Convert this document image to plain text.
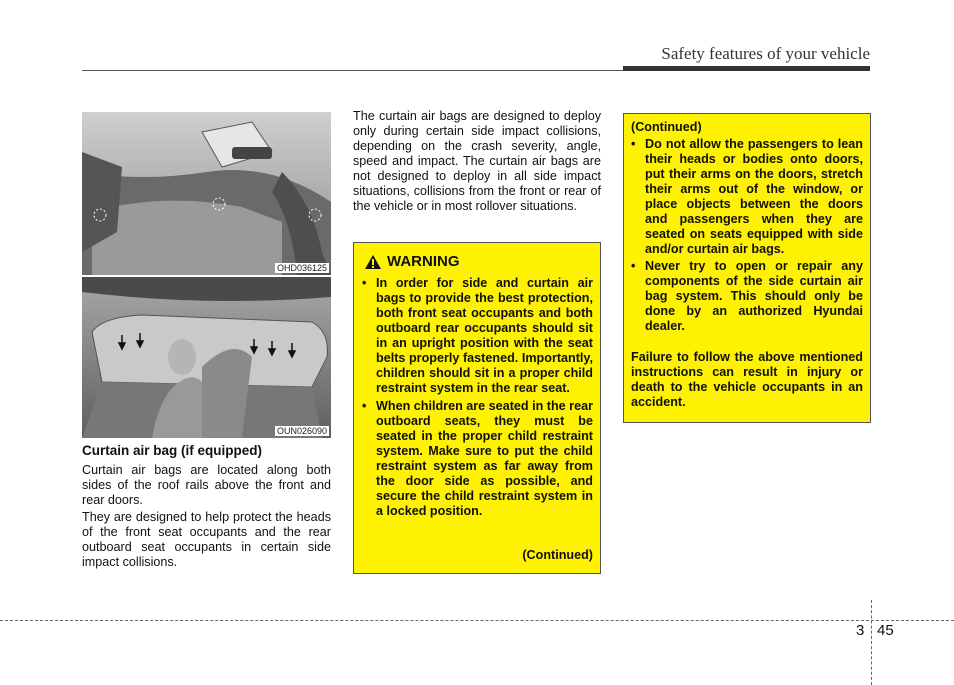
Safety features of your vehicle
OHD036125
OUN026090
Curtain air bag (if equipped)

Curtain air bags are located along both sides of the roof rails above the front and rear doors.

They are designed to help protect the heads of the front seat occupants and the rear outboard seat occupants in certain side impact collisions.

The curtain air bags are designed to deploy only during certain side impact collisions, depending on the crash severity, angle, speed and impact. The curtain air bags are not designed to deploy in all side impact situations, collisions from the front or rear of the vehicle or in most rollover situations.

WARNING
• In order for side and curtain air bags to provide the best protection, both front seat occupants and both outboard rear occupants should sit in an upright position with the seat belts properly fastened. Importantly, children should sit in a proper child restraint system in the rear seat.
• When children are seated in the rear outboard seats, they must be seated in the proper child restraint system. Make sure to put the child restraint system as far away from the door side as possible, and secure the child restraint system in a locked position.
(Continued)
(Continued)
• Do not allow the passengers to lean their heads or bodies onto doors, put their arms on the doors, stretch their arms out of the window, or place objects between the doors and passengers when they are seated on seats equipped with side and/or curtain air bags.
• Never try to open or repair any components of the side curtain air bag system. This should only be done by an authorized Hyundai dealer.
Failure to follow the above mentioned instructions can result in injury or death to the vehicle occupants in an accident.
3 45
